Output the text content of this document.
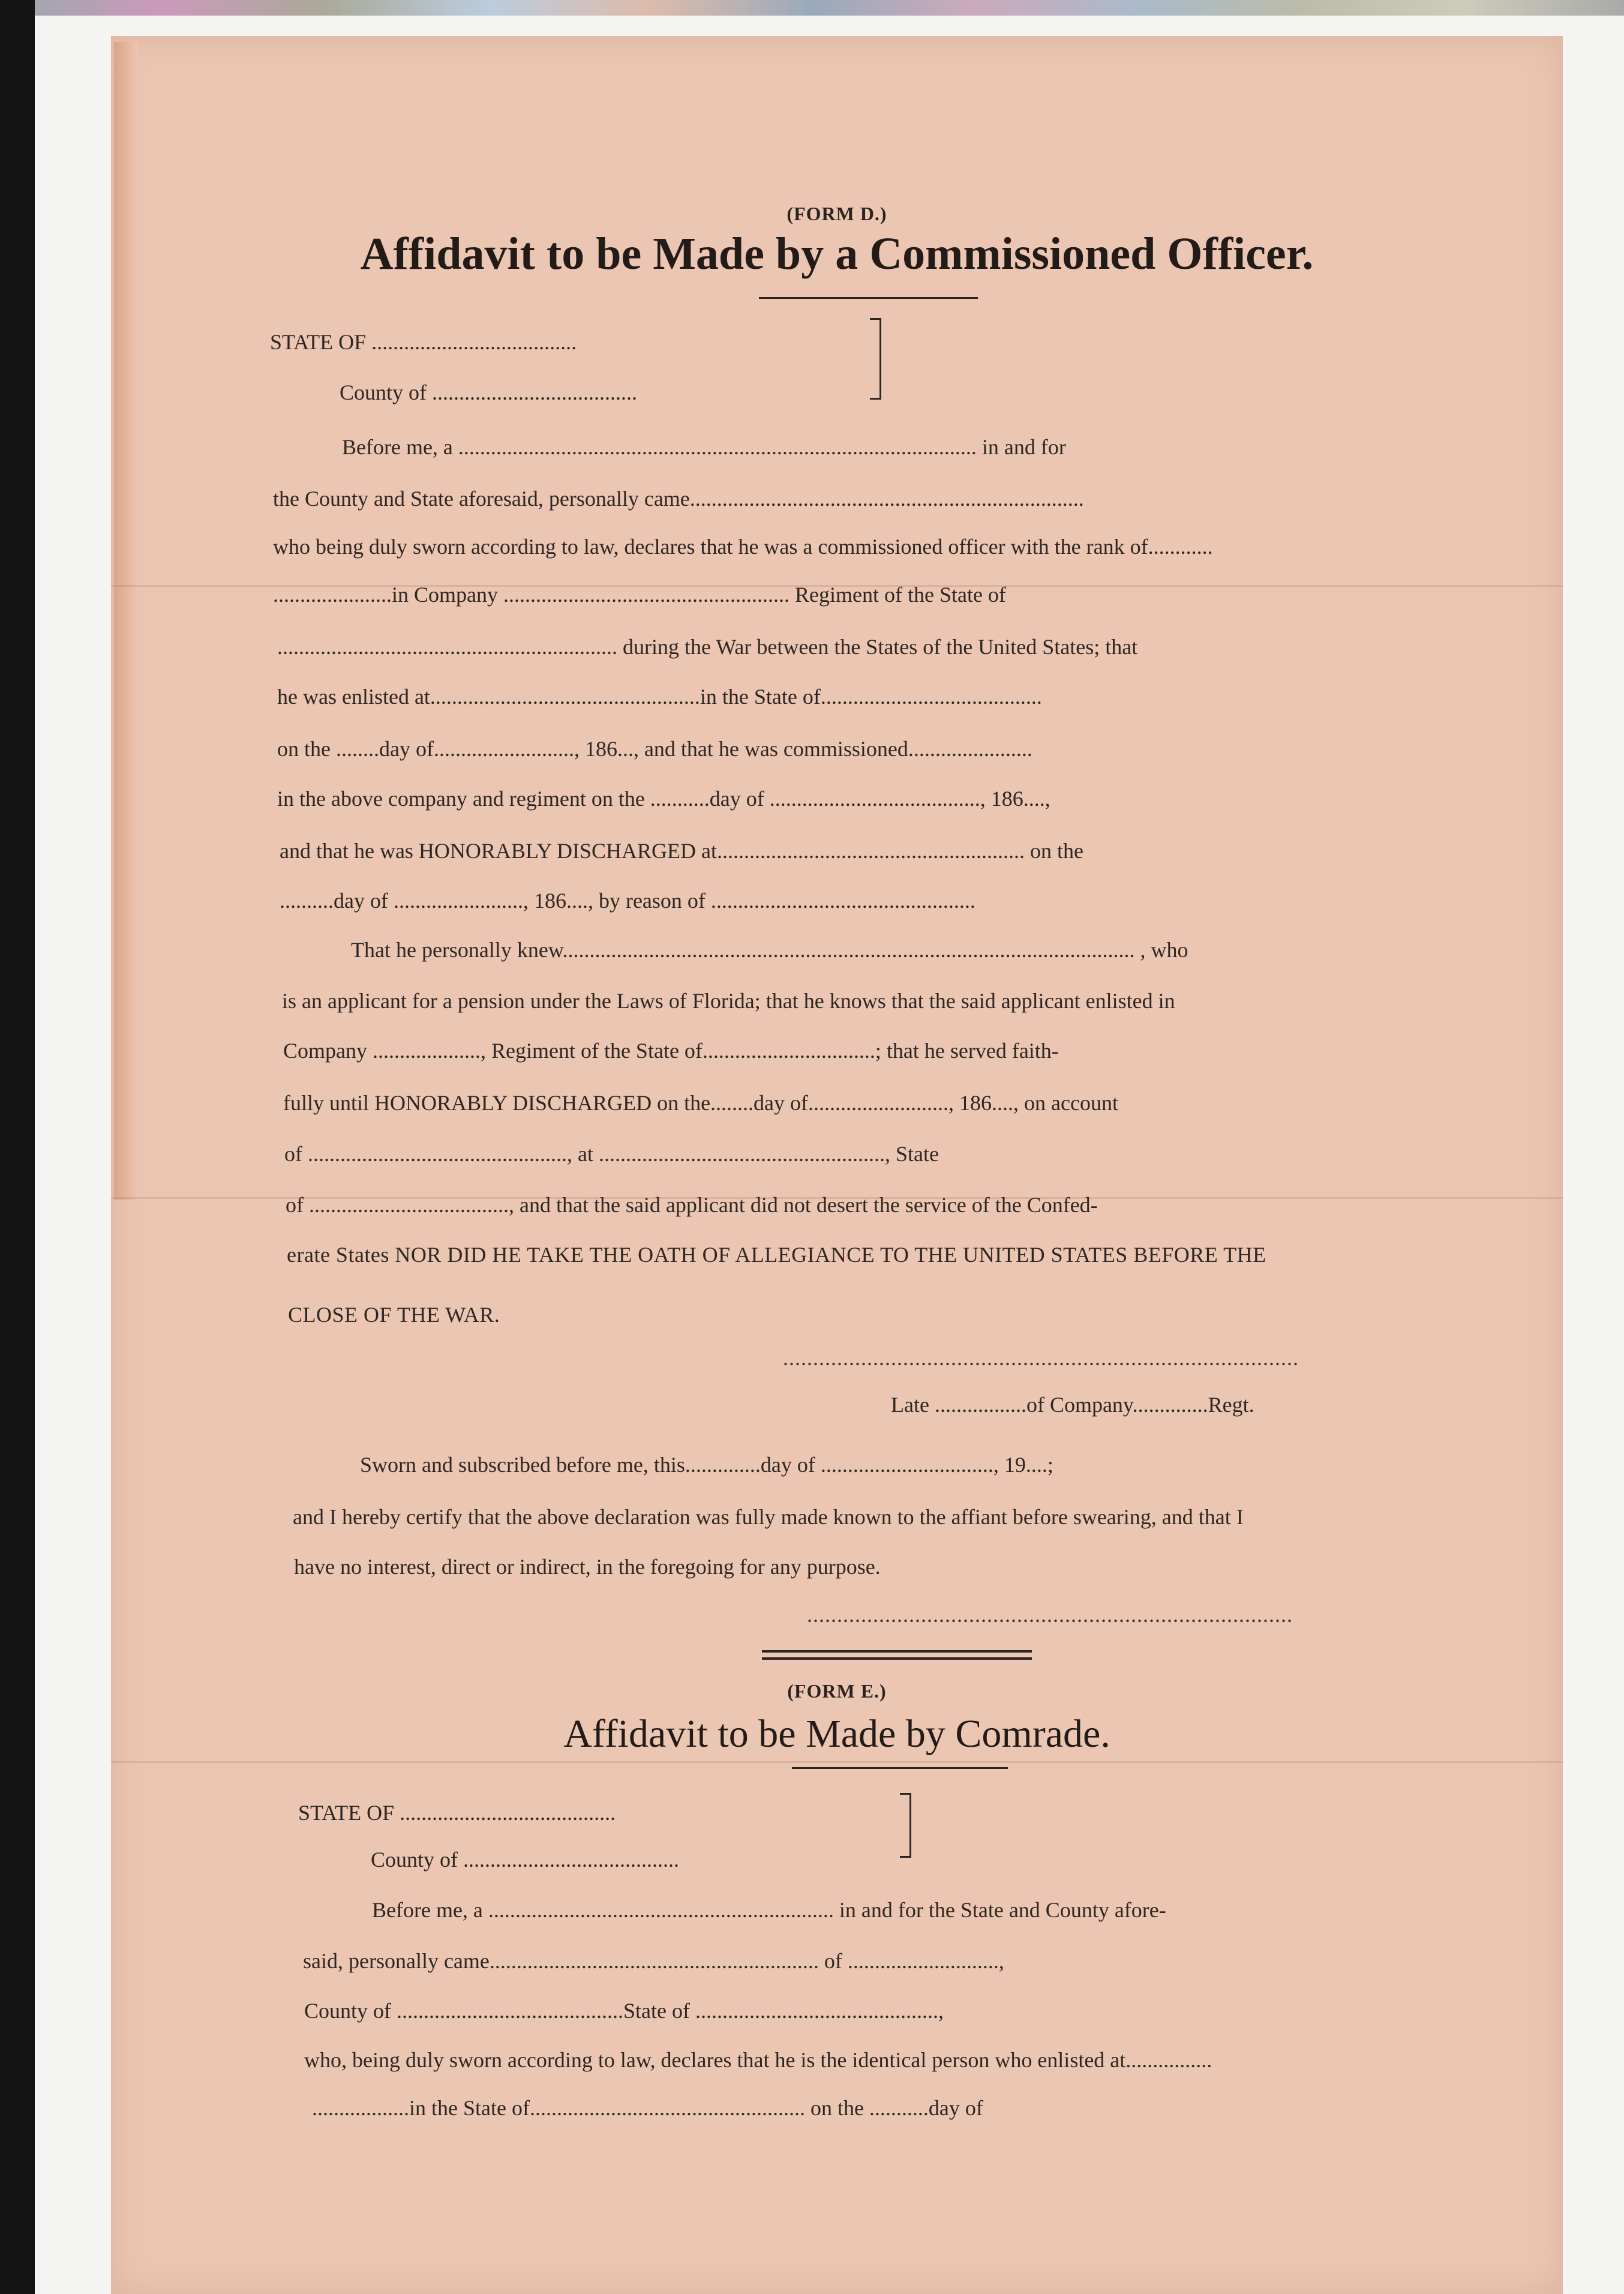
(FORM D.)
Affidavit to be Made by a Commissioned Officer.
STATE OF ......................................
County of ......................................
Before me, a ................................................................................................ in and for
the County and State aforesaid, personally came.........................................................................
who being duly sworn according to law, declares that he was a commissioned officer with the rank of............
......................in Company ..................................................... Regiment of the State of
............................................................... during the War between the States of the United States; that
he was enlisted at..................................................in the State of.........................................
on the ........day of.........................., 186..., and that he was commissioned.......................
in the above company and regiment on the ...........day of ......................................., 186....,
and that he was HONORABLY DISCHARGED at......................................................... on the
..........day of ........................, 186...., by reason of .................................................
That he personally knew.......................................................................................................... , who
is an applicant for a pension under the Laws of Florida; that he knows that the said applicant enlisted in
Company ...................., Regiment of the State of................................; that he served faith-
fully until HONORABLY DISCHARGED on the........day of.........................., 186...., on account
of ................................................, at ....................................................., State
of ....................................., and that the said applicant did not desert the service of the Confed-
erate States NOR DID HE TAKE THE OATH OF ALLEGIANCE TO THE UNITED STATES BEFORE THE
CLOSE OF THE WAR.
......................................................................................
Late .................of Company..............Regt.
Sworn and subscribed before me, this..............day of ................................, 19....;
and I hereby certify that the above declaration was fully made known to the affiant before swearing, and that I
have no interest, direct or indirect, in the foregoing for any purpose.
.................................................................................
(FORM E.)
Affidavit to be Made by Comrade.
STATE OF ........................................
County of ........................................
Before me, a ................................................................ in and for the State and County afore-
said, personally came............................................................. of ............................,
County of ..........................................State of .............................................,
who, being duly sworn according to law, declares that he is the identical person who enlisted at................
..................in the State of................................................... on the ...........day of
